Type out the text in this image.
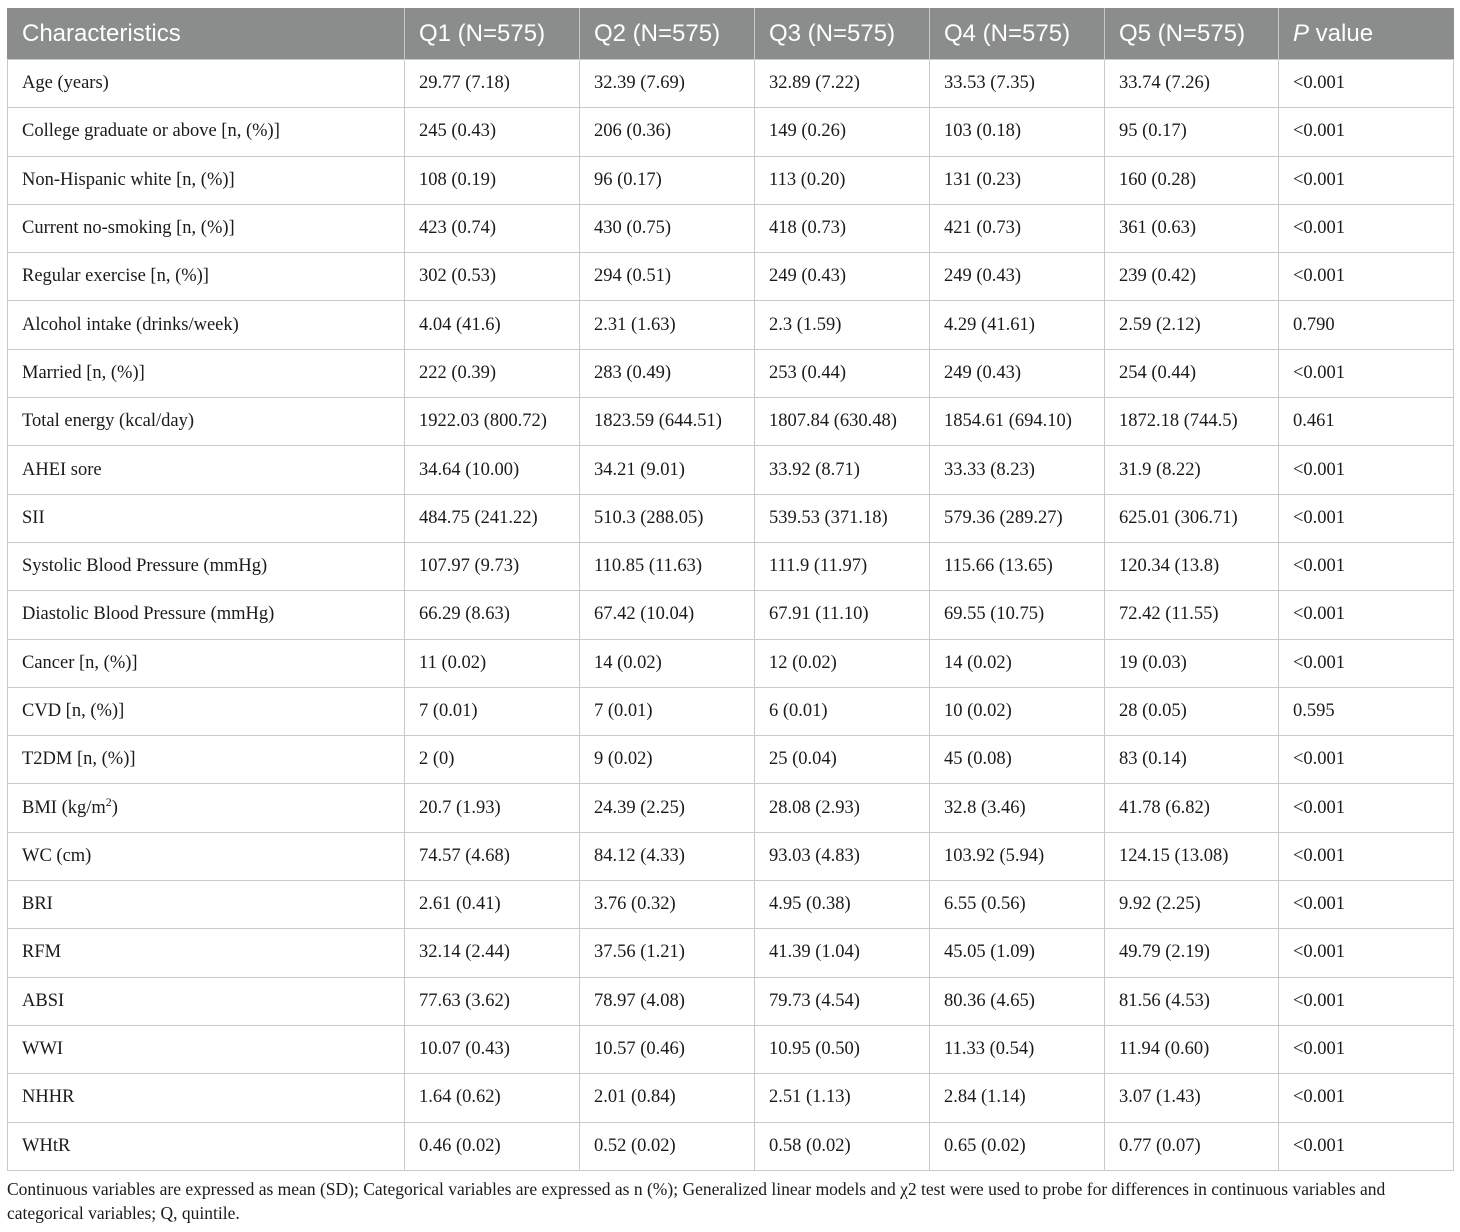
Characteristics	Q1 (N=575)	Q2 (N=575)	Q3 (N=575)	Q4 (N=575)	Q5 (N=575)	P value
Age (years)	29.77 (7.18)	32.39 (7.69)	32.89 (7.22)	33.53 (7.35)	33.74 (7.26)	<0.001
College graduate or above [n, (%)]	245 (0.43)	206 (0.36)	149 (0.26)	103 (0.18)	95 (0.17)	<0.001
Non-Hispanic white [n, (%)]	108 (0.19)	96 (0.17)	113 (0.20)	131 (0.23)	160 (0.28)	<0.001
Current no-smoking [n, (%)]	423 (0.74)	430 (0.75)	418 (0.73)	421 (0.73)	361 (0.63)	<0.001
Regular exercise [n, (%)]	302 (0.53)	294 (0.51)	249 (0.43)	249 (0.43)	239 (0.42)	<0.001
Alcohol intake (drinks/week)	4.04 (41.6)	2.31 (1.63)	2.3 (1.59)	4.29 (41.61)	2.59 (2.12)	0.790
Married [n, (%)]	222 (0.39)	283 (0.49)	253 (0.44)	249 (0.43)	254 (0.44)	<0.001
Total energy (kcal/day)	1922.03 (800.72)	1823.59 (644.51)	1807.84 (630.48)	1854.61 (694.10)	1872.18 (744.5)	0.461
AHEI sore	34.64 (10.00)	34.21 (9.01)	33.92 (8.71)	33.33 (8.23)	31.9 (8.22)	<0.001
SII	484.75 (241.22)	510.3 (288.05)	539.53 (371.18)	579.36 (289.27)	625.01 (306.71)	<0.001
Systolic Blood Pressure (mmHg)	107.97 (9.73)	110.85 (11.63)	111.9 (11.97)	115.66 (13.65)	120.34 (13.8)	<0.001
Diastolic Blood Pressure (mmHg)	66.29 (8.63)	67.42 (10.04)	67.91 (11.10)	69.55 (10.75)	72.42 (11.55)	<0.001
Cancer [n, (%)]	11 (0.02)	14 (0.02)	12 (0.02)	14 (0.02)	19 (0.03)	<0.001
CVD [n, (%)]	7 (0.01)	7 (0.01)	6 (0.01)	10 (0.02)	28 (0.05)	0.595
T2DM [n, (%)]	2 (0)	9 (0.02)	25 (0.04)	45 (0.08)	83 (0.14)	<0.001
BMI $(kg/m^2)$	20.7 (1.93)	24.39 (2.25)	28.08 (2.93)	32.8 (3.46)	41.78 (6.82)	<0.001
WC (cm)	74.57 (4.68)	84.12 (4.33)	93.03 (4.83)	103.92 (5.94)	124.15 (13.08)	<0.001
BRI	2.61 (0.41)	3.76 (0.32)	4.95 (0.38)	6.55 (0.56)	9.92 (2.25)	<0.001
RFM	32.14 (2.44)	37.56 (1.21)	41.39 (1.04)	45.05 (1.09)	49.79 (2.19)	<0.001
ABSI	77.63 (3.62)	78.97 (4.08)	79.73 (4.54)	80.36 (4.65)	81.56 (4.53)	<0.001
WWI	10.07 (0.43)	10.57 (0.46)	10.95 (0.50)	11.33 (0.54)	11.94 (0.60)	<0.001
NHHR	1.64 (0.62)	2.01 (0.84)	2.51 (1.13)	2.84 (1.14)	3.07 (1.43)	<0.001
WHtR	0.46 (0.02)	0.52 (0.02)	0.58 (0.02)	0.65 (0.02)	0.77 (0.07)	<0.001
Continuous variables are expressed as mean (SD); Categorical variables are expressed as n (%); Generalized linear models and χ2 test were used to probe for differences in continuous variables and categorical variables; Q, quintile.
